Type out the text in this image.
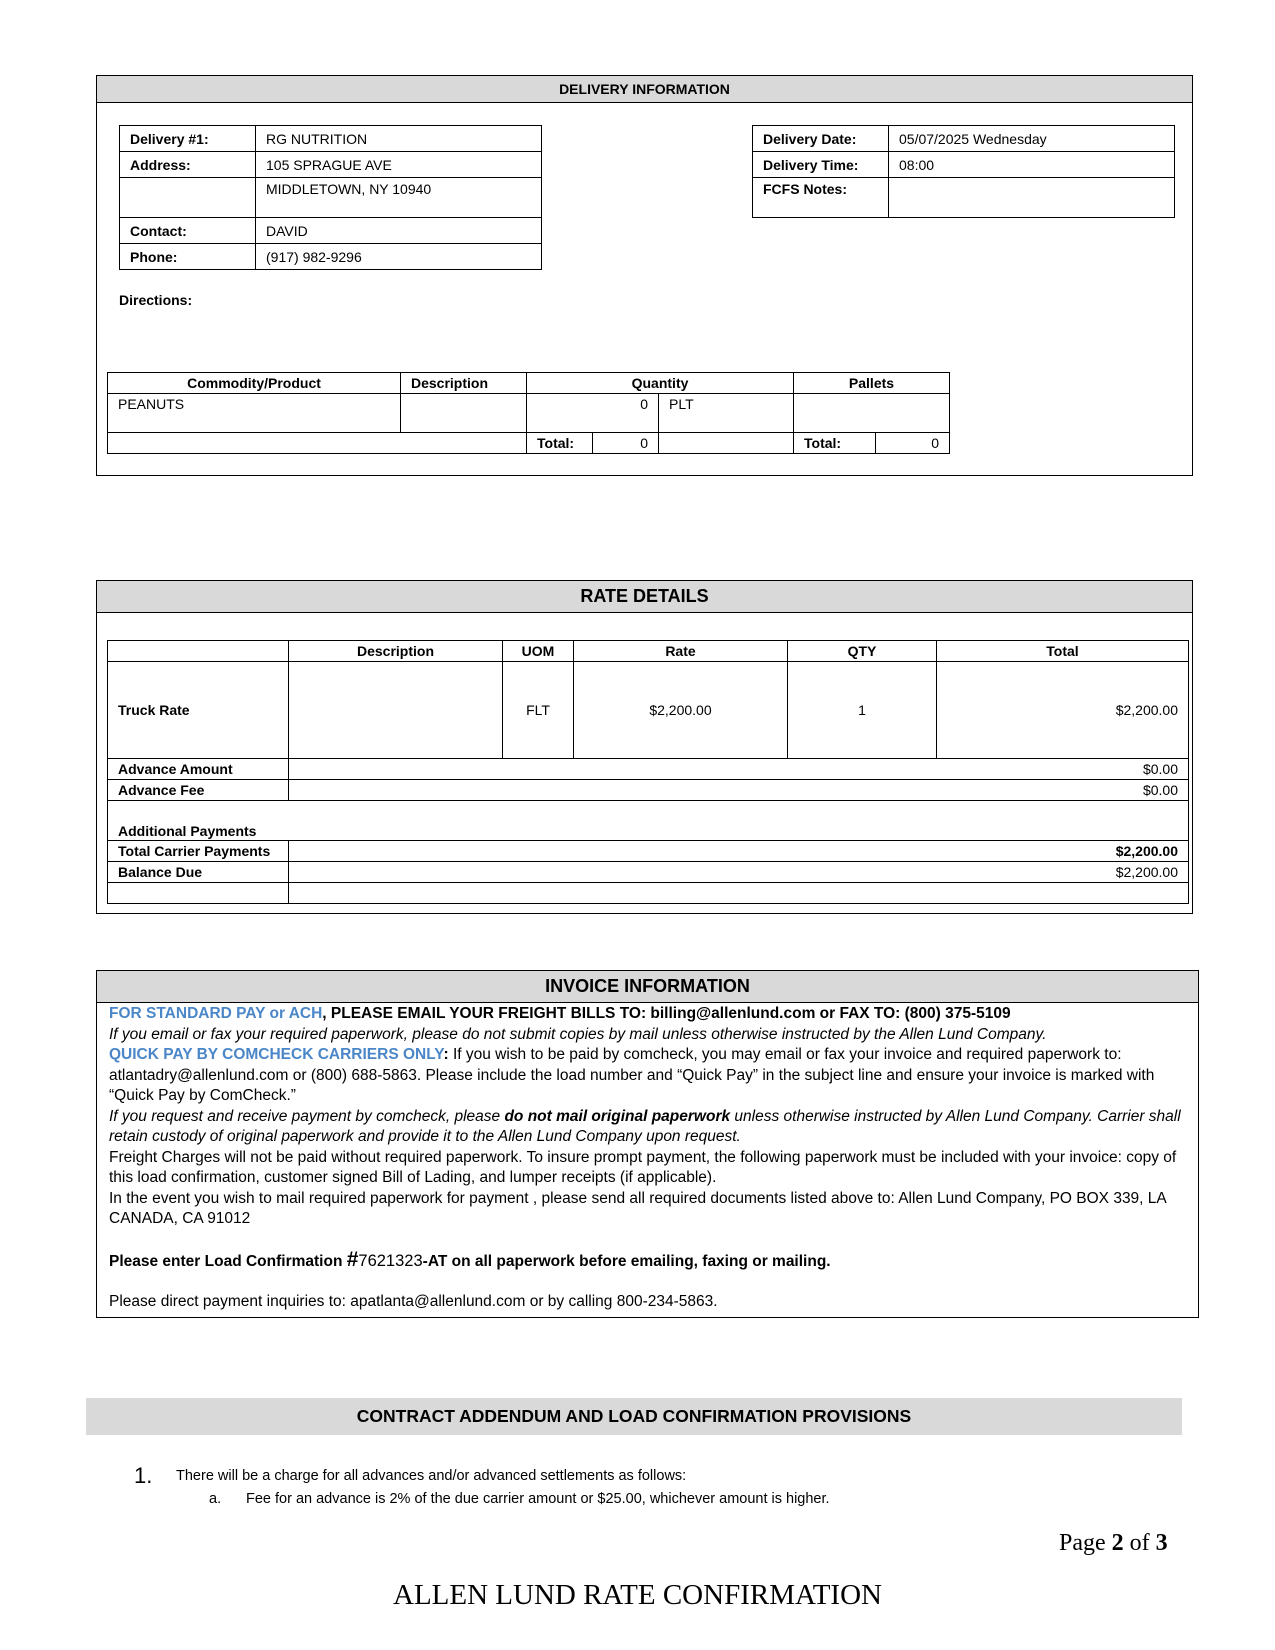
DELIVERY INFORMATION
Delivery #1:	RG NUTRITION
Address:	105 SPRAGUE AVE
	MIDDLETOWN, NY 10940
Contact:	DAVID
Phone:	(917) 982-9296
Delivery Date:	05/07/2025 Wednesday
Delivery Time:	08:00
FCFS Notes:	
Directions:
Commodity/Product	Description	Quantity			Pallets	
PEANUTS		0		PLT		
		Total:	0		Total:	0
RATE DETAILS
	Description	UOM	Rate	QTY	Total
Truck Rate		FLT	$2,200.00	1	$2,200.00
Advance Amount	$0.00				
Advance Fee	$0.00				
Additional Payments					
Total Carrier Payments	$2,200.00				
Balance Due	$2,200.00				

INVOICE INFORMATION
FOR STANDARD PAY or ACH, PLEASE EMAIL YOUR FREIGHT BILLS TO: billing@allenlund.com or FAX TO: (800) 375-5109
If you email or fax your required paperwork, please do not submit copies by mail unless otherwise instructed by the Allen Lund Company.
QUICK PAY BY COMCHECK CARRIERS ONLY: If you wish to be paid by comcheck, you may email or fax your invoice and required paperwork to: atlantadry@allenlund.com or (800) 688-5863. Please include the load number and “Quick Pay” in the subject line and ensure your invoice is marked with “Quick Pay by ComCheck.”
If you request and receive payment by comcheck, please do not mail original paperwork unless otherwise instructed by Allen Lund Company. Carrier shall retain custody of original paperwork and provide it to the Allen Lund Company upon request.
Freight Charges will not be paid without required paperwork. To insure prompt payment, the following paperwork must be included with your invoice: copy of this load confirmation, customer signed Bill of Lading, and lumper receipts (if applicable).
In the event you wish to mail required paperwork for payment , please send all required documents listed above to: Allen Lund Company, PO BOX 339, LA CANADA, CA 91012
Please enter Load Confirmation #7621323-AT on all paperwork before emailing, faxing or mailing.
Please direct payment inquiries to: apatlanta@allenlund.com or by calling 800-234-5863.
CONTRACT ADDENDUM AND LOAD CONFIRMATION PROVISIONS
1. There will be a charge for all advances and/or advanced settlements as follows:
a. Fee for an advance is 2% of the due carrier amount or $25.00, whichever amount is higher.
Page 2 of 3
ALLEN LUND RATE CONFIRMATION
